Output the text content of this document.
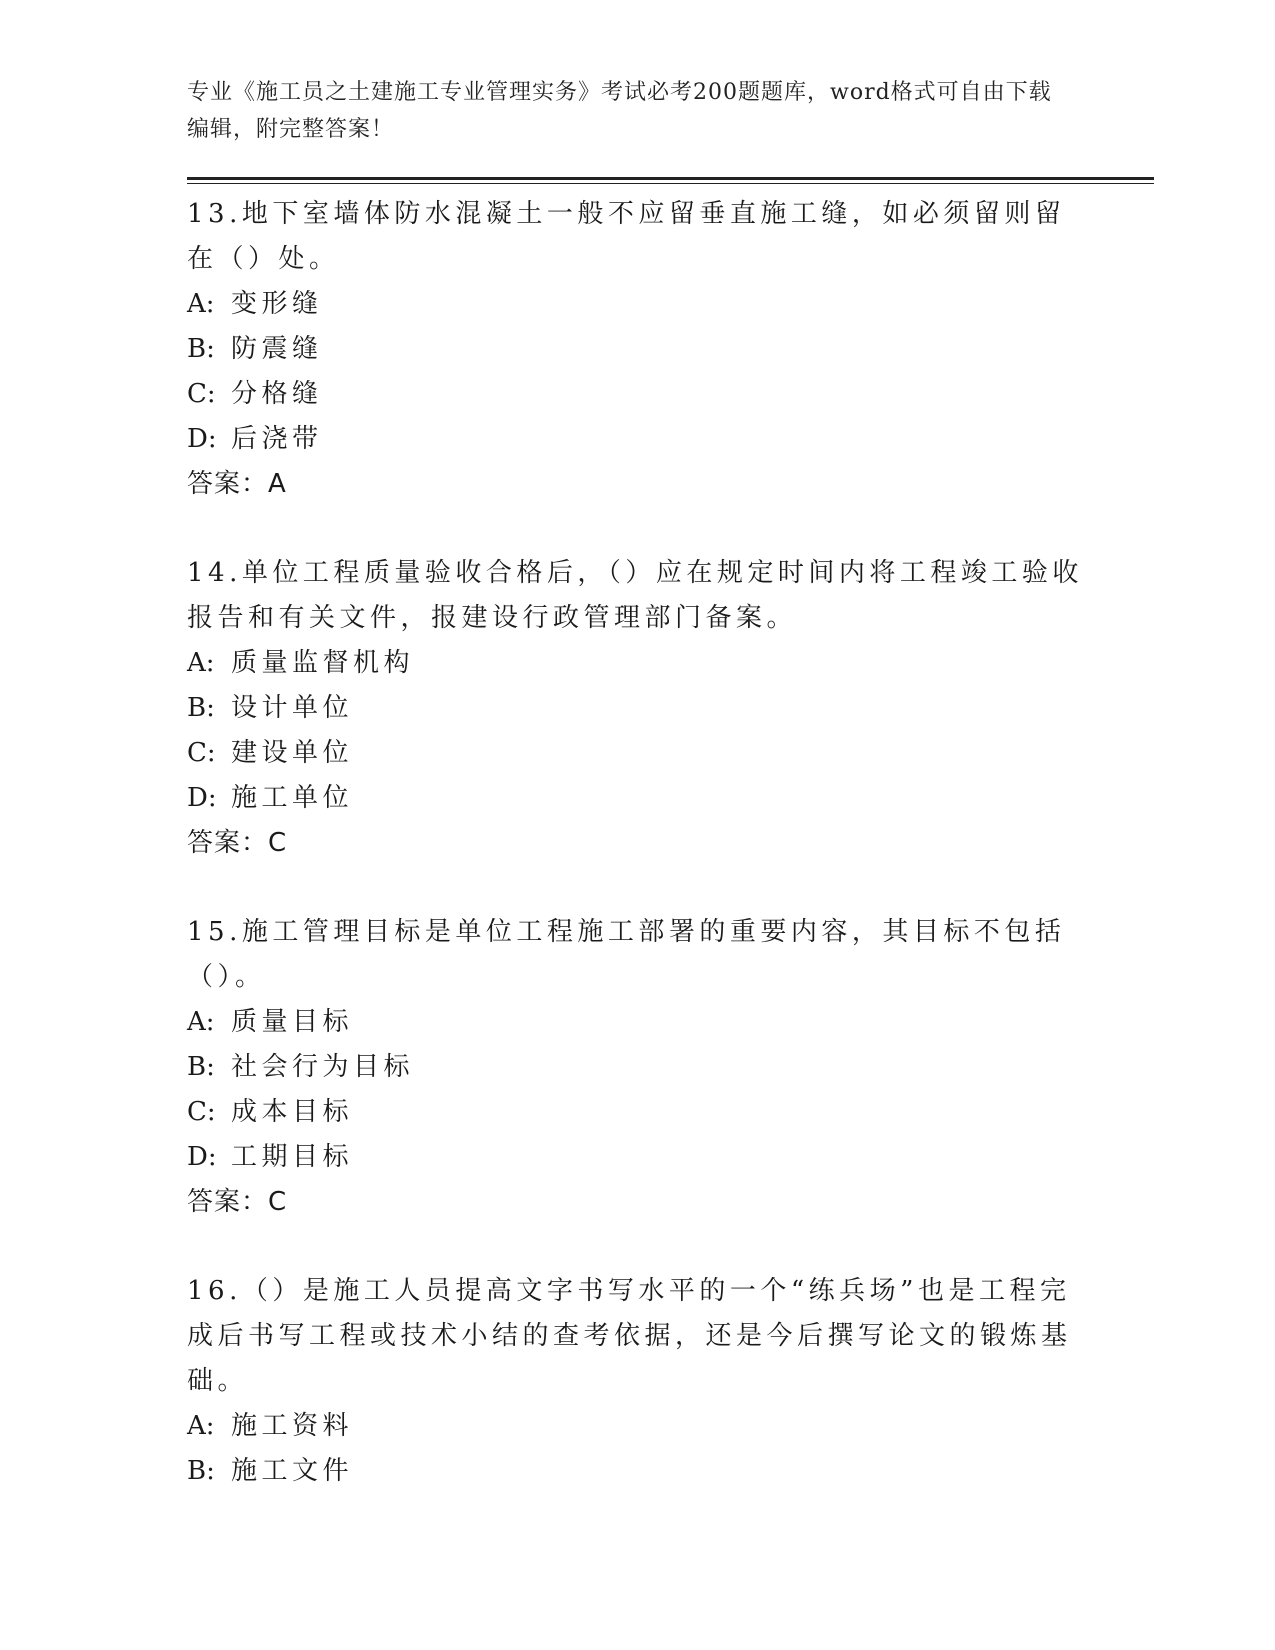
专业《施工员之土建施工专业管理实务》考试必考200题题库，word格式可自由下载编辑，附完整答案！

13.地下室墙体防水混凝土一般不应留垂直施工缝，如必须留则留在（）处。

A: 变形缝

B: 防震缝

C: 分格缝

D: 后浇带

答案：A

14.单位工程质量验收合格后，（）应在规定时间内将工程竣工验收报告和有关文件，报建设行政管理部门备案。

A: 质量监督机构

B: 设计单位

C: 建设单位

D: 施工单位

答案：C

15.施工管理目标是单位工程施工部署的重要内容，其目标不包括（）。

A: 质量目标

B: 社会行为目标

C: 成本目标

D: 工期目标

答案：C

16.（）是施工人员提高文字书写水平的一个“练兵场”也是工程完成后书写工程或技术小结的查考依据，还是今后撰写论文的锻炼基础。

A: 施工资料

B: 施工文件
